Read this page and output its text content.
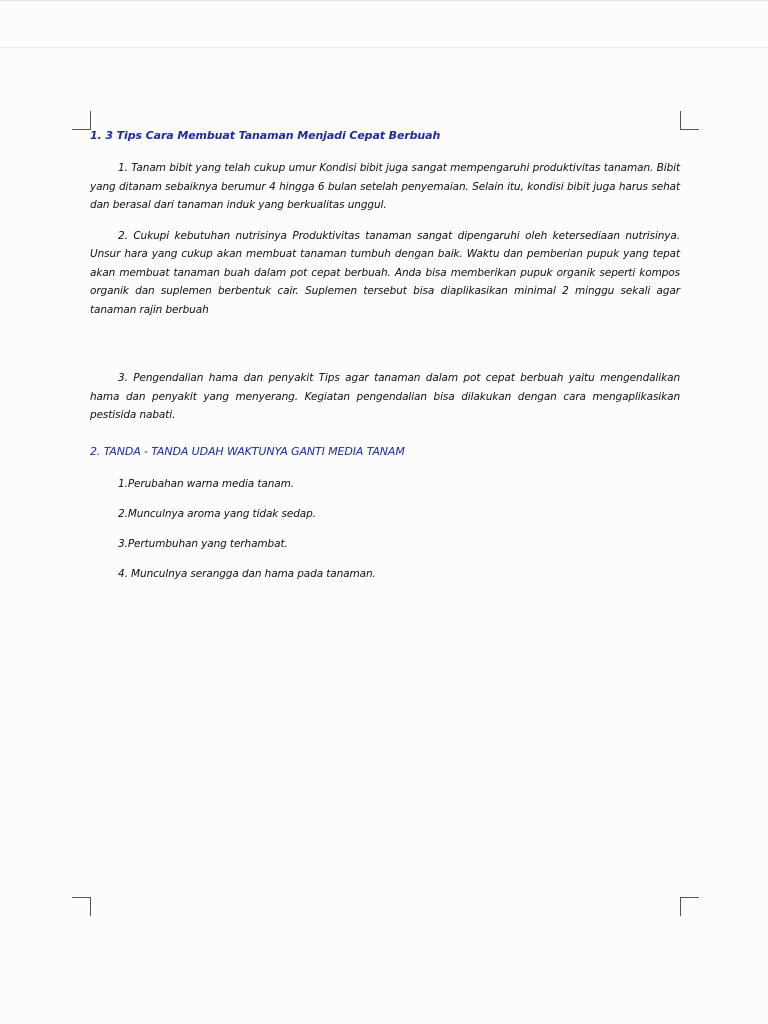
1. 3 Tips Cara Membuat Tanaman Menjadi Cepat Berbuah

1. Tanam bibit yang telah cukup umur Kondisi bibit juga sangat mempengaruhi produktivitas tanaman. Bibit yang ditanam sebaiknya berumur 4 hingga 6 bulan setelah penyemaian. Selain itu, kondisi bibit juga harus sehat dan berasal dari tanaman induk yang berkualitas unggul.

2. Cukupi kebutuhan nutrisinya Produktivitas tanaman sangat dipengaruhi oleh ketersediaan nutrisinya. Unsur hara yang cukup akan membuat tanaman tumbuh dengan baik. Waktu dan pemberian pupuk yang tepat akan membuat tanaman buah dalam pot cepat berbuah. Anda bisa memberikan pupuk organik seperti kompos organik dan suplemen berbentuk cair. Suplemen tersebut bisa diaplikasikan minimal 2 minggu sekali agar tanaman rajin berbuah

3. Pengendalian hama dan penyakit Tips agar tanaman dalam pot cepat berbuah yaitu mengendalikan hama dan penyakit yang menyerang. Kegiatan pengendalian bisa dilakukan dengan cara mengaplikasikan pestisida nabati.

2. TANDA - TANDA UDAH WAKTUNYA GANTI MEDIA TANAM
1.Perubahan warna media tanam.
2.Munculnya aroma yang tidak sedap.
3.Pertumbuhan yang terhambat.
4. Munculnya serangga dan hama pada tanaman.
